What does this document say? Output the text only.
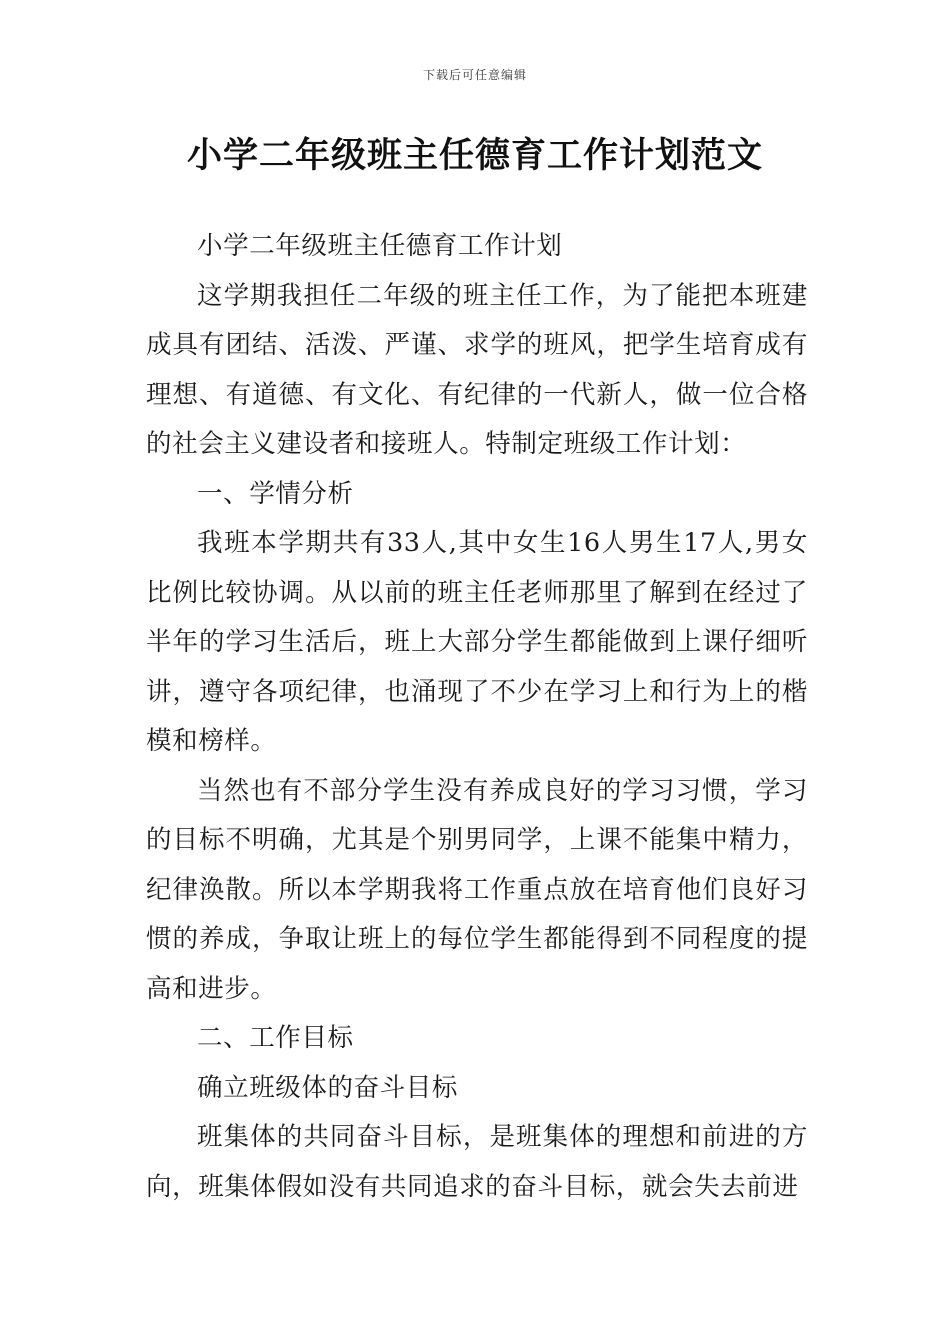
下载后可任意编辑
小学二年级班主任德育工作计划范文

小学二年级班主任德育工作计划

这学期我担任二年级的班主任工作，为了能把本班建成具有团结、活泼、严谨、求学的班风，把学生培育成有理想、有道德、有文化、有纪律的一代新人，做一位合格的社会主义建设者和接班人。特制定班级工作计划：

一、学情分析

我班本学期共有33人,其中女生16人男生17人,男女比例比较协调。从以前的班主任老师那里了解到在经过了半年的学习生活后，班上大部分学生都能做到上课仔细听讲，遵守各项纪律，也涌现了不少在学习上和行为上的楷模和榜样。

当然也有不部分学生没有养成良好的学习习惯，学习的目标不明确，尤其是个别男同学，上课不能集中精力，纪律涣散。所以本学期我将工作重点放在培育他们良好习惯的养成，争取让班上的每位学生都能得到不同程度的提高和进步。

二、工作目标

确立班级体的奋斗目标

班集体的共同奋斗目标，是班集体的理想和前进的方向，班集体假如没有共同追求的奋斗目标，就会失去前进
